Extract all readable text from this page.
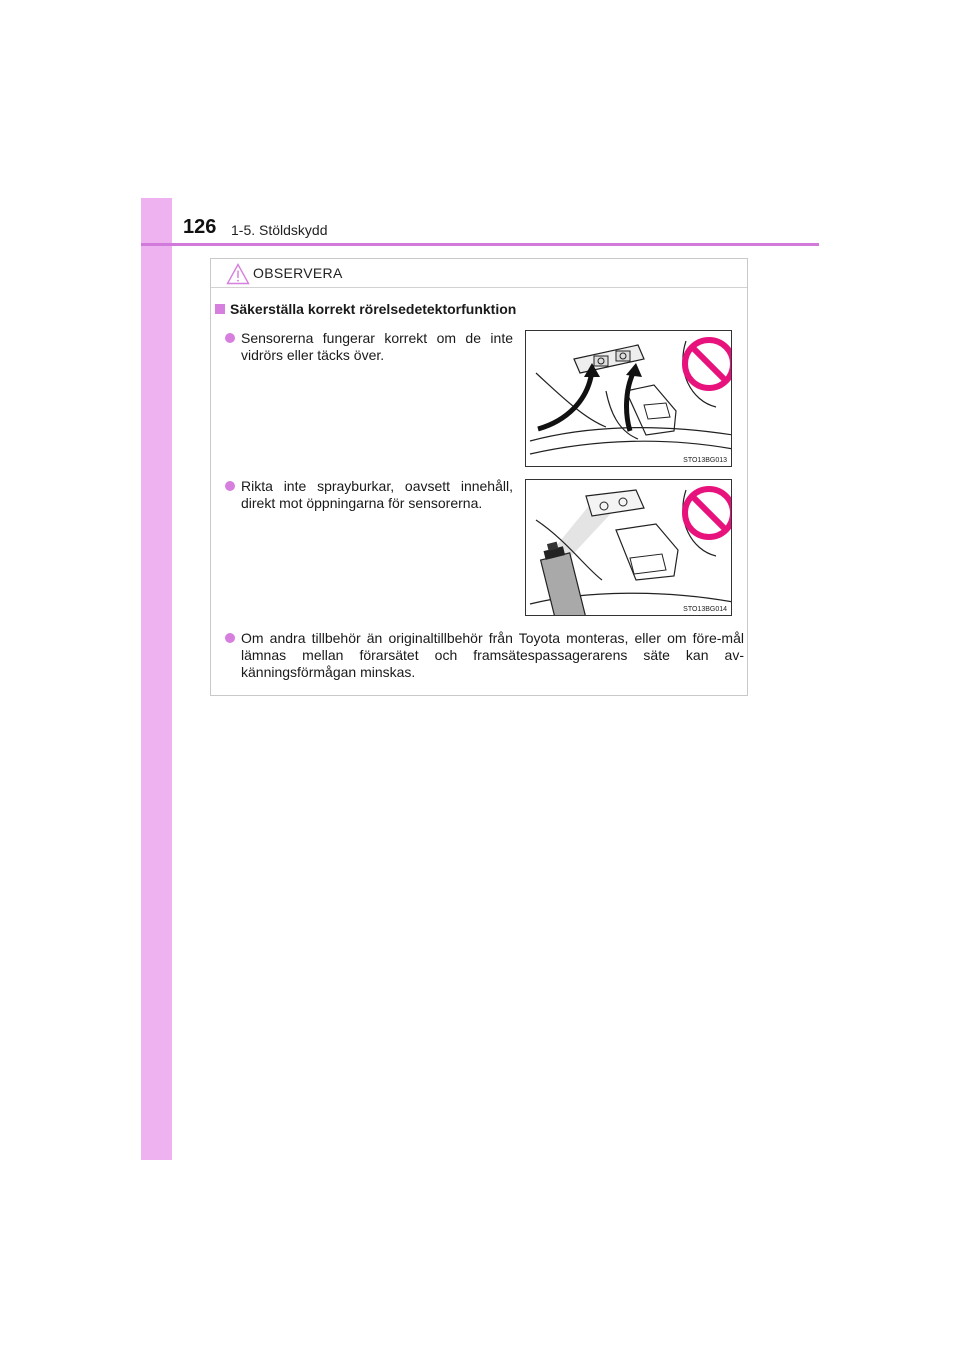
126 1-5. Stöldskydd
OBSERVERA
Säkerställa korrekt rörelsedetektorfunktion
Sensorerna fungerar korrekt om de inte vidrörs eller täcks över.
STO13BG013
Rikta inte sprayburkar, oavsett innehåll, direkt mot öppningarna för sensorerna.
STO13BG014
Om andra tillbehör än originaltillbehör från Toyota monteras, eller om före-mål lämnas mellan förarsätet och framsätespassagerarens säte kan av-känningsförmågan minskas.
